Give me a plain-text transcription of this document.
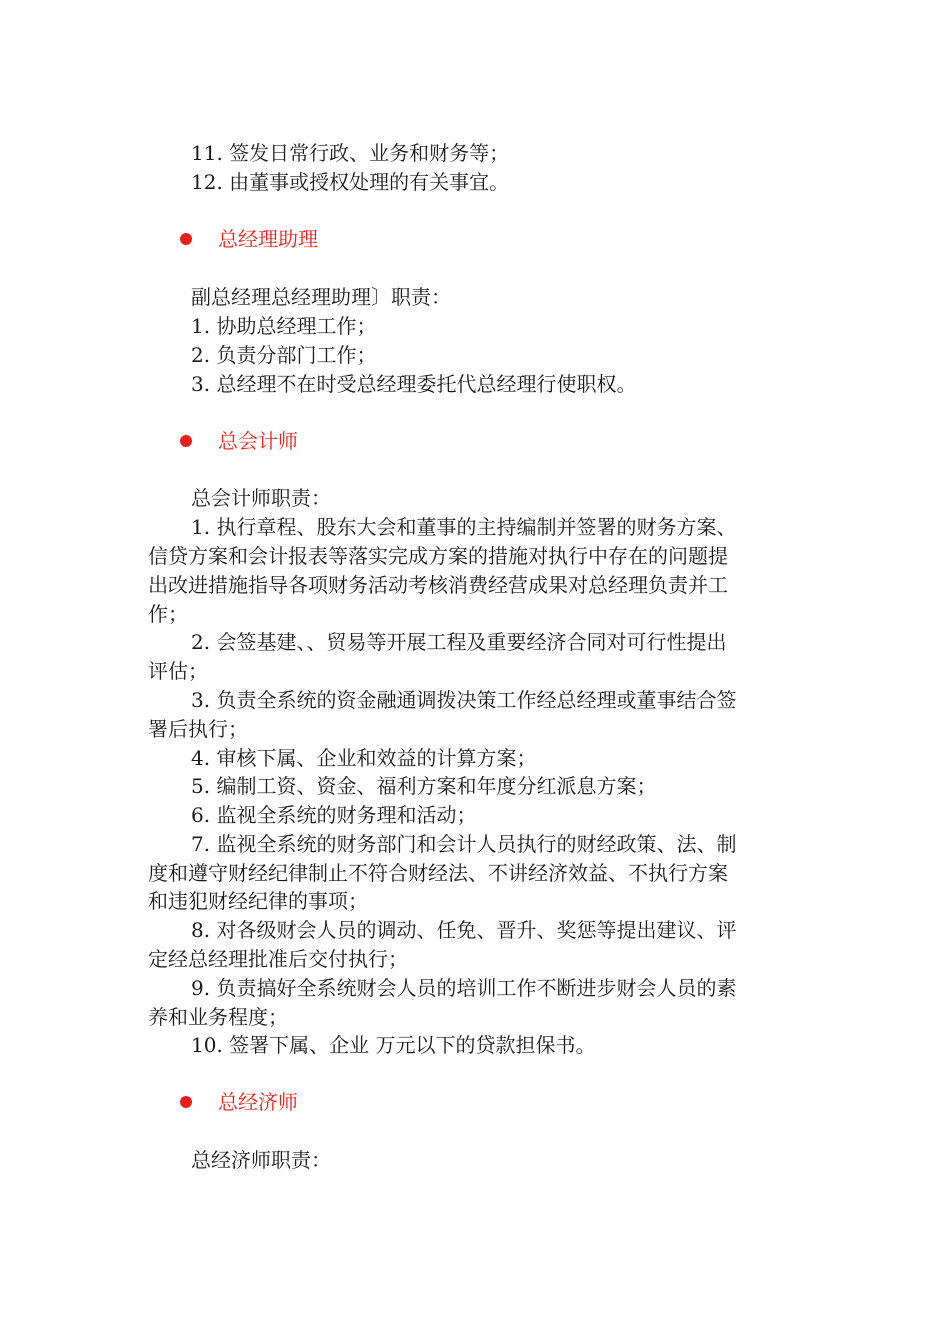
11. 签发日常行政、业务和财务等；
12. 由董事或授权处理的有关事宜。
总经理助理
副总经理总经理助理〕职责：
1. 协助总经理工作；
2. 负责分部门工作；
3. 总经理不在时受总经理委托代总经理行使职权。
总会计师
总会计师职责：
1. 执行章程、股东大会和董事的主持编制并签署的财务方案、
信贷方案和会计报表等落实完成方案的措施对执行中存在的问题提
出改进措施指导各项财务活动考核消费经营成果对总经理负责并工
作；
2. 会签基建、、贸易等开展工程及重要经济合同对可行性提出
评估；
3. 负责全系统的资金融通调拨决策工作经总经理或董事结合签
署后执行；
4. 审核下属、企业和效益的计算方案；
5. 编制工资、资金、福利方案和年度分红派息方案；
6. 监视全系统的财务理和活动；
7. 监视全系统的财务部门和会计人员执行的财经政策、法、制
度和遵守财经纪律制止不符合财经法、不讲经济效益、不执行方案
和违犯财经纪律的事项；
8. 对各级财会人员的调动、任免、晋升、奖惩等提出建议、评
定经总经理批准后交付执行；
9. 负责搞好全系统财会人员的培训工作不断进步财会人员的素
养和业务程度；
10. 签署下属、企业 万元以下的贷款担保书。
总经济师
总经济师职责：
